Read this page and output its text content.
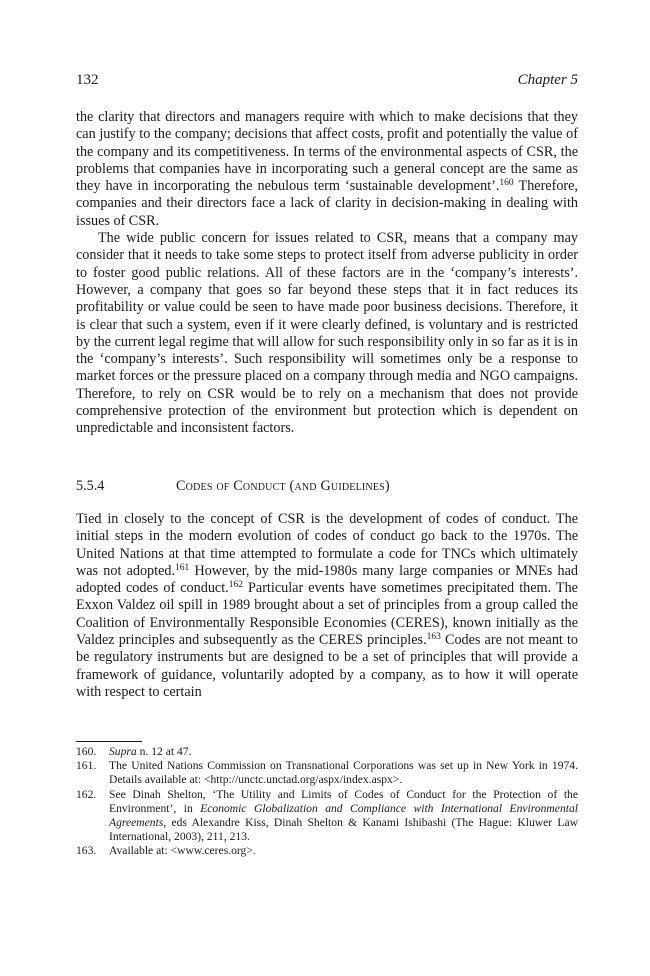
132	Chapter 5

the clarity that directors and managers require with which to make decisions that they can justify to the company; decisions that affect costs, profit and potentially the value of the company and its competitiveness. In terms of the environmental aspects of CSR, the problems that companies have in incorporating such a general concept are the same as they have in incorporating the nebulous term ‘sustainable development’.$^{160}$ Therefore, companies and their directors face a lack of clarity in decision-making in dealing with issues of CSR.

The wide public concern for issues related to CSR, means that a company may consider that it needs to take some steps to protect itself from adverse publicity in order to foster good public relations. All of these factors are in the ‘company’s interests’. However, a company that goes so far beyond these steps that it in fact reduces its profitability or value could be seen to have made poor business decisions. Therefore, it is clear that such a system, even if it were clearly defined, is voluntary and is restricted by the current legal regime that will allow for such responsibility only in so far as it is in the ‘company’s interests’. Such responsibility will sometimes only be a response to market forces or the pressure placed on a company through media and NGO campaigns. Therefore, to rely on CSR would be to rely on a mechanism that does not provide comprehensive protection of the environment but protection which is dependent on unpredictable and inconsistent factors.

5.5.4	Codes of Conduct (and Guidelines)

Tied in closely to the concept of CSR is the development of codes of conduct. The initial steps in the modern evolution of codes of conduct go back to the 1970s. The United Nations at that time attempted to formulate a code for TNCs which ultimately was not adopted.$^{161}$ However, by the mid-1980s many large companies or MNEs had adopted codes of conduct.$^{162}$ Particular events have sometimes precipitated them. The Exxon Valdez oil spill in 1989 brought about a set of principles from a group called the Coalition of Environmentally Responsible Economies (CERES), known initially as the Valdez principles and subsequently as the CERES principles.$^{163}$ Codes are not meant to be regulatory instruments but are designed to be a set of principles that will provide a framework of guidance, voluntarily adopted by a company, as to how it will operate with respect to certain

160.	Supra n. 12 at 47.
161.	The United Nations Commission on Transnational Corporations was set up in New York in 1974. Details available at: <http://unctc.unctad.org/aspx/index.aspx>.
162.	See Dinah Shelton, ‘The Utility and Limits of Codes of Conduct for the Protection of the Environment’, in Economic Globalization and Compliance with International Environmental Agreements, eds Alexandre Kiss, Dinah Shelton & Kanami Ishibashi (The Hague: Kluwer Law International, 2003), 211, 213.
163.	Available at: <www.ceres.org>.
